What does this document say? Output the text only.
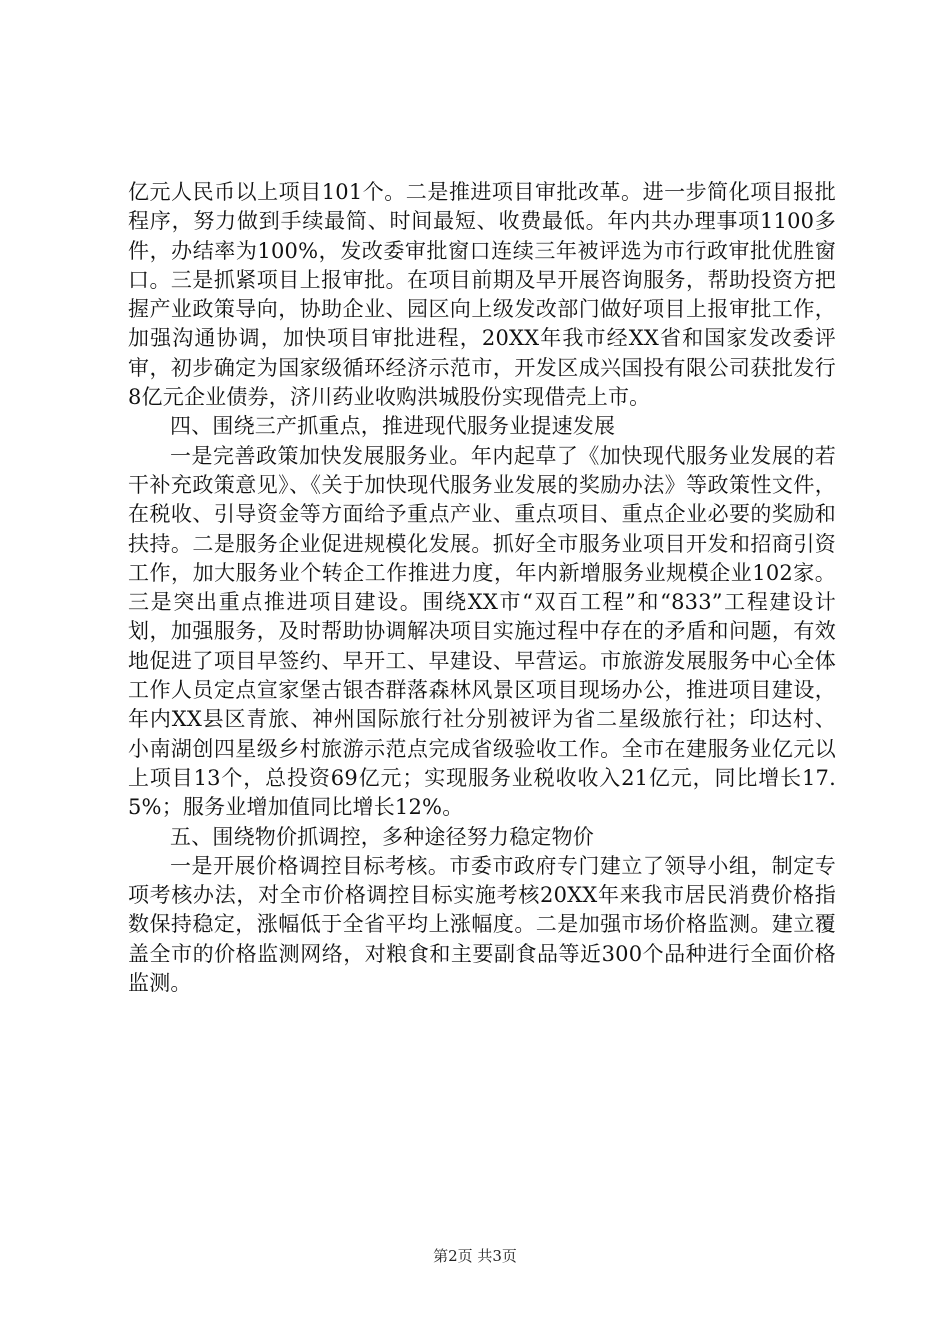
亿元人民币以上项目101个。二是推进项目审批改革。进一步简化项目报批程序，努力做到手续最简、时间最短、收费最低。年内共办理事项1100多件，办结率为100%，发改委审批窗口连续三年被评选为市行政审批优胜窗口。三是抓紧项目上报审批。在项目前期及早开展咨询服务，帮助投资方把握产业政策导向，协助企业、园区向上级发改部门做好项目上报审批工作，加强沟通协调，加快项目审批进程，20XX年我市经XX省和国家发改委评审，初步确定为国家级循环经济示范市，开发区成兴国投有限公司获批发行8亿元企业债券，济川药业收购洪城股份实现借壳上市。

四、围绕三产抓重点，推进现代服务业提速发展

一是完善政策加快发展服务业。年内起草了《加快现代服务业发展的若干补充政策意见》、《关于加快现代服务业发展的奖励办法》等政策性文件，在税收、引导资金等方面给予重点产业、重点项目、重点企业必要的奖励和扶持。二是服务企业促进规模化发展。抓好全市服务业项目开发和招商引资工作，加大服务业个转企工作推进力度，年内新增服务业规模企业102家。三是突出重点推进项目建设。围绕XX市“双百工程”和“833”工程建设计划，加强服务，及时帮助协调解决项目实施过程中存在的矛盾和问题，有效地促进了项目早签约、早开工、早建设、早营运。市旅游发展服务中心全体工作人员定点宣家堡古银杏群落森林风景区项目现场办公，推进项目建设，年内XX县区青旅、神州国际旅行社分别被评为省二星级旅行社；印达村、小南湖创四星级乡村旅游示范点完成省级验收工作。全市在建服务业亿元以上项目13个，总投资69亿元；实现服务业税收收入21亿元，同比增长17.5%；服务业增加值同比增长12%。

五、围绕物价抓调控，多种途径努力稳定物价

一是开展价格调控目标考核。市委市政府专门建立了领导小组，制定专项考核办法，对全市价格调控目标实施考核20XX年来我市居民消费价格指数保持稳定，涨幅低于全省平均上涨幅度。二是加强市场价格监测。建立覆盖全市的价格监测网络，对粮食和主要副食品等近300个品种进行全面价格监测。

第2页 共3页
